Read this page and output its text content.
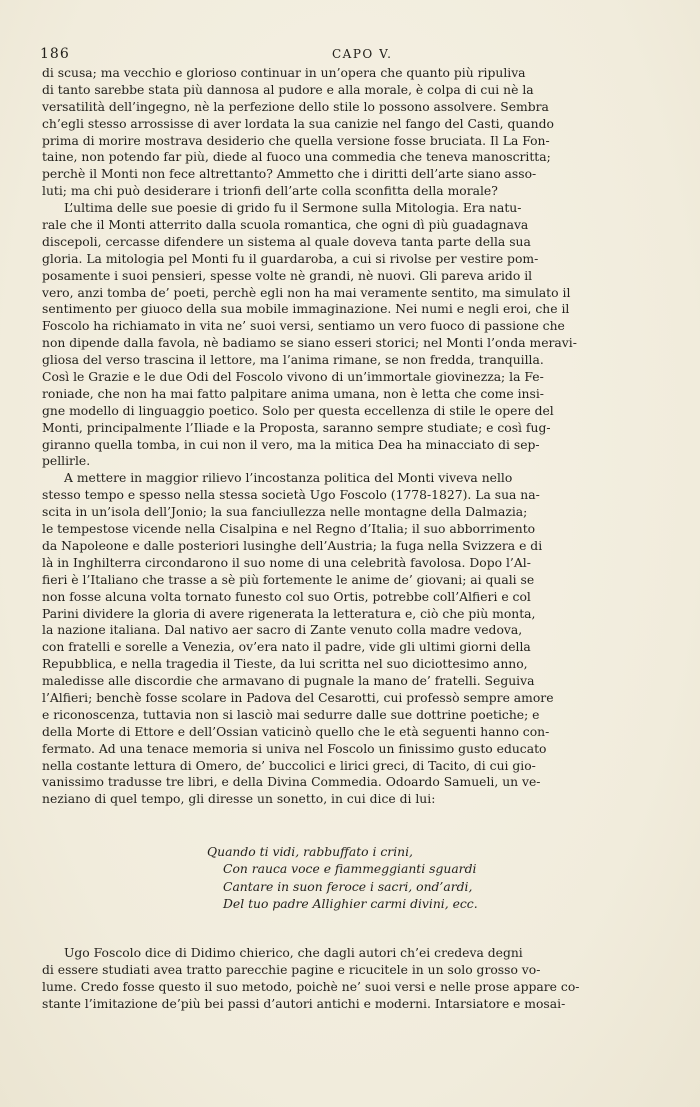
186	CAPO V.
di scusa; ma vecchio e glorioso continuar in un’opera che quanto più ripuliva
di tanto sarebbe stata più dannosa al pudore e alla morale, è colpa di cui nè la
versatilità dell’ingegno, nè la perfezione dello stile lo possono assolvere. Sembra
ch’egli stesso arrossisse di aver lordata la sua canizie nel fango del Casti, quando
prima di morire mostrava desiderio che quella versione fosse bruciata. Il La Fon-
taine, non potendo far più, diede al fuoco una commedia che teneva manoscritta;
perchè il Monti non fece altrettanto? Ammetto che i diritti dell’arte siano asso-
luti; ma chi può desiderare i trionfi dell’arte colla sconfitta della morale?
L’ultima delle sue poesie di grido fu il Sermone sulla Mitologia. Era natu-
rale che il Monti atterrito dalla scuola romantica, che ogni dì più guadagnava
discepoli, cercasse difendere un sistema al quale doveva tanta parte della sua
gloria. La mitologia pel Monti fu il guardaroba, a cui si rivolse per vestire pom-
posamente i suoi pensieri, spesse volte nè grandi, nè nuovi. Gli pareva arido il
vero, anzi tomba de’ poeti, perchè egli non ha mai veramente sentito, ma simulato il
sentimento per giuoco della sua mobile immaginazione. Nei numi e negli eroi, che il
Foscolo ha richiamato in vita ne’ suoi versi, sentiamo un vero fuoco di passione che
non dipende dalla favola, nè badiamo se siano esseri storici; nel Monti l’onda meravi-
gliosa del verso trascina il lettore, ma l’anima rimane, se non fredda, tranquilla.
Così le Grazie e le due Odi del Foscolo vivono di un’immortale giovinezza; la Fe-
roniade, che non ha mai fatto palpitare anima umana, non è letta che come insi-
gne modello di linguaggio poetico. Solo per questa eccellenza di stile le opere del
Monti, principalmente l’Iliade e la Proposta, saranno sempre studiate; e così fug-
giranno quella tomba, in cui non il vero, ma la mitica Dea ha minacciato di sep-
pellirle.
A mettere in maggior rilievo l’incostanza politica del Monti viveva nello
stesso tempo e spesso nella stessa società Ugo Foscolo (1778-1827). La sua na-
scita in un’isola dell’Jonio; la sua fanciullezza nelle montagne della Dalmazia;
le tempestose vicende nella Cisalpina e nel Regno d’Italia; il suo abborrimento
da Napoleone e dalle posteriori lusinghe dell’Austria; la fuga nella Svizzera e di
là in Inghilterra circondarono il suo nome di una celebrità favolosa. Dopo l’Al-
fieri è l’Italiano che trasse a sè più fortemente le anime de’ giovani; ai quali se
non fosse alcuna volta tornato funesto col suo Ortis, potrebbe coll’Alfieri e col
Parini dividere la gloria di avere rigenerata la letteratura e, ciò che più monta,
la nazione italiana. Dal nativo aer sacro di Zante venuto colla madre vedova,
con fratelli e sorelle a Venezia, ov’era nato il padre, vide gli ultimi giorni della
Repubblica, e nella tragedia il Tieste, da lui scritta nel suo diciottesimo anno,
maledisse alle discordie che armavano di pugnale la mano de’ fratelli. Seguiva
l’Alfieri; benchè fosse scolare in Padova del Cesarotti, cui professò sempre amore
e riconoscenza, tuttavia non si lasciò mai sedurre dalle sue dottrine poetiche; e
della Morte di Ettore e dell’Ossian vaticinò quello che le età seguenti hanno con-
fermato. Ad una tenace memoria si univa nel Foscolo un finissimo gusto educato
nella costante lettura di Omero, de’ buccolici e lirici greci, di Tacito, di cui gio-
vanissimo tradusse tre libri, e della Divina Commedia. Odoardo Samueli, un ve-
neziano di quel tempo, gli diresse un sonetto, in cui dice di lui:
Quando ti vidi, rabbuffato i crini,
Con rauca voce e fiammeggianti sguardi
Cantare in suon feroce i sacri, ond’ardi,
Del tuo padre Allighier carmi divini, ecc.
Ugo Foscolo dice di Didimo chierico, che dagli autori ch’ei credeva degni
di essere studiati avea tratto parecchie pagine e ricucitele in un solo grosso vo-
lume. Credo fosse questo il suo metodo, poichè ne’ suoi versi e nelle prose appare co-
stante l’imitazione de’più bei passi d’autori antichi e moderni. Intarsiatore e mosai-
